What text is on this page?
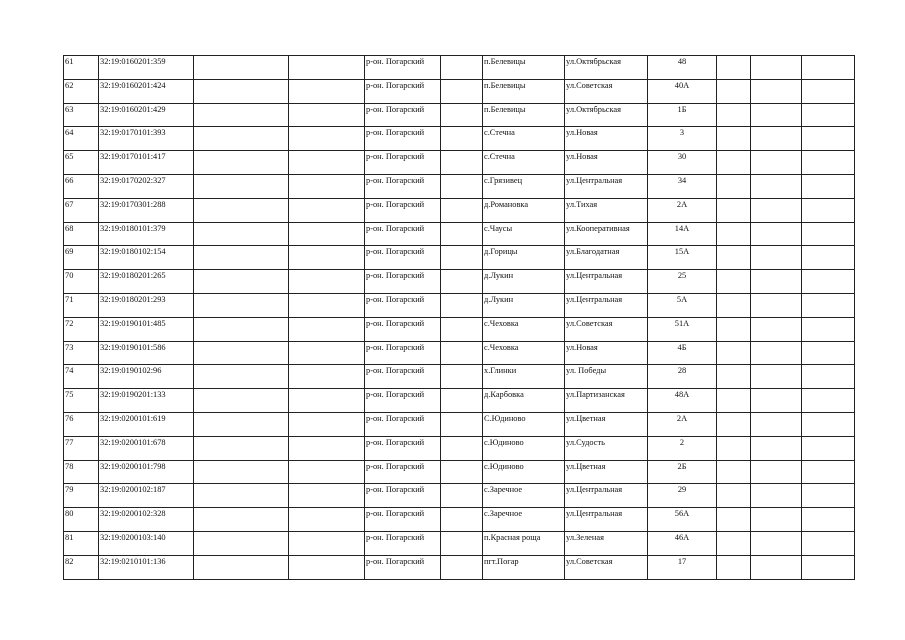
61	32:19:0160201:359			р-он. Погарский		п.Белевицы	ул.Октябрьская	48			
62	32:19:0160201:424			р-он. Погарский		п.Белевицы	ул.Советская	40А			
63	32:19:0160201:429			р-он. Погарский		п.Белевицы	ул.Октябрьская	1Б			
64	32:19:0170101:393			р-он. Погарский		с.Стечна	ул.Новая	3			
65	32:19:0170101:417			р-он. Погарский		с.Стечна	ул.Новая	30			
66	32:19:0170202:327			р-он. Погарский		с.Грязивец	ул.Центральная	34			
67	32:19:0170301:288			р-он. Погарский		д.Романовка	ул.Тихая	2А			
68	32:19:0180101:379			р-он. Погарский		с.Чаусы	ул.Кооперативная	14А			
69	32:19:0180102:154			р-он. Погарский		д.Горицы	ул.Благодатная	15А			
70	32:19:0180201:265			р-он. Погарский		д.Лукин	ул.Центральная	25			
71	32:19:0180201:293			р-он. Погарский		д.Лукин	ул.Центральная	5А			
72	32:19:0190101:485			р-он. Погарский		с.Чеховка	ул.Советская	51А			
73	32:19:0190101:586			р-он. Погарский		с.Чеховка	ул.Новая	4Б			
74	32:19:0190102:96			р-он. Погарский		х.Глинки	ул. Победы	28			
75	32:19:0190201:133			р-он. Погарский		д.Карбовка	ул.Партизанская	48А			
76	32:19:0200101:619			р-он. Погарский		С.Юдиново	ул.Цветная	2А			
77	32:19:0200101:678			р-он. Погарский		с.Юдиново	ул.Судость	2			
78	32:19:0200101:798			р-он. Погарский		с.Юдиново	ул.Цветная	2Б			
79	32:19:0200102:187			р-он. Погарский		с.Заречное	ул.Центральная	29			
80	32:19:0200102:328			р-он. Погарский		с.Заречное	ул.Центральная	56А			
81	32:19:0200103:140			р-он. Погарский		п.Красная роща	ул.Зеленая	46А			
82	32:19:0210101:136			р-он. Погарский		пгт.Погар	ул.Советская	17			
